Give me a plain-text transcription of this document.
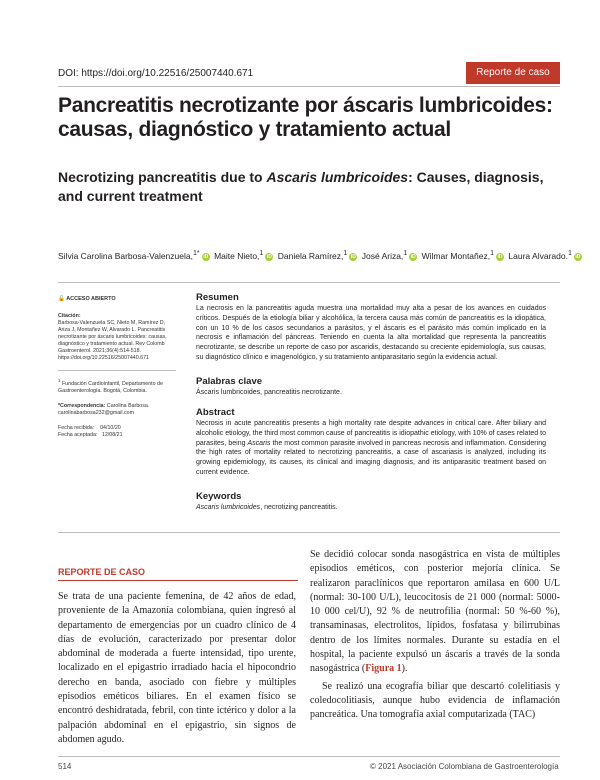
DOI: https://doi.org/10.22516/25007440.671	Reporte de caso
Pancreatitis necrotizante por áscaris lumbricoides: causas, diagnóstico y tratamiento actual
Necrotizing pancreatitis due to Ascaris lumbricoides: Causes, diagnosis, and current treatment
Silvia Carolina Barbosa-Valenzuela,$^{1*}$ iD Maite Nieto,$^1$ iD Daniela Ramírez,$^1$ iD José Ariza,$^1$ iD Wilmar Montañez,$^1$ iD Laura Alvarado.$^1$ iD
🔓 ACCESO ABIERTO
Citación:
Barbosa-Valenzuela SC, Nieto M, Ramírez D, Ariza J, Montañez W, Alvarado L. Pancreatitis necrotizante por áscaris lumbricoides: causas, diagnóstico y tratamiento actual. Rev Colomb Gastroenterol. 2021;36(4):514-518. https://doi.org/10.22516/25007440.671
$^1$ Fundación Cardioinfantil, Departamento de Gastroenterología. Bogotá, Colombia.
*Correspondencia: Carolina Barbosa. carolinabarbosa232@gmail.com
Fecha recibida: 04/10/20
Fecha aceptada: 12/08/21
Resumen
La necrosis en la pancreatitis aguda muestra una mortalidad muy alta a pesar de los avances en cuidados críticos. Después de la etiología biliar y alcohólica, la tercera causa más común de pancreatitis es la idiopática, con un 10 % de los casos secundarios a parásitos, y el áscaris es el parásito más común implicado en la necrosis e inflamación del páncreas. Teniendo en cuenta la alta mortalidad que representa la pancreatitis necrotizante, se describe un reporte de caso por ascaridis, destacando su creciente epidemiología, sus causas, su diagnóstico clínico e imagenológico, y su tratamiento antiparasitario según la evidencia actual.
Palabras clave
Áscaris lumbricoides, pancreatitis necrotizante.
Abstract
Necrosis in acute pancreatitis presents a high mortality rate despite advances in critical care. After biliary and alcoholic etiology, the third most common cause of pancreatitis is idiopathic etiology, with 10% of cases related to parasites, being Ascaris the most common parasite involved in pancreas necrosis and inflammation. Considering the high rates of mortality related to necrotizing pancreatitis, a case of ascariasis is analyzed, including its growing epidemiology, its causes, its clinical and imaging diagnosis, and its antiparasitic treatment based on current evidence.
Keywords
Ascaris lumbricoides, necrotizing pancreatitis.
REPORTE DE CASO
Se trata de una paciente femenina, de 42 años de edad, proveniente de la Amazonía colombiana, quien ingresó al departamento de emergencias por un cuadro clínico de 4 días de evolución, caracterizado por presentar dolor abdominal de moderada a fuerte intensidad, tipo urente, localizado en el epigastrio irradiado hacia el hipocondrio derecho en banda, asociado con fiebre y múltiples episodios eméticos biliares. En el examen físico se encontró deshidratada, febril, con tinte ictérico y dolor a la palpación abdominal en el epigastrio, sin signos de abdomen agudo.
Se decidió colocar sonda nasogástrica en vista de múltiples episodios eméticos, con posterior mejoría clínica. Se realizaron paraclínicos que reportaron amilasa en 600 U/L (normal: 30-100 U/L), leucocitosis de 21 000 (normal: 5000-10 000 cel/U), 92 % de neutrofilia (normal: 50 %-60 %), transaminasas, electrolitos, lípidos, fosfatasa y bilirrubinas dentro de los límites normales. Durante su estadía en el hospital, la paciente expulsó un áscaris a través de la sonda nasogástrica (Figura 1).
Se realizó una ecografía biliar que descartó colelitiasis y coledocolitiasis, aunque hubo evidencia de inflamación pancreática. Una tomografía axial computarizada (TAC)
514	© 2021 Asociación Colombiana de Gastroenterología
